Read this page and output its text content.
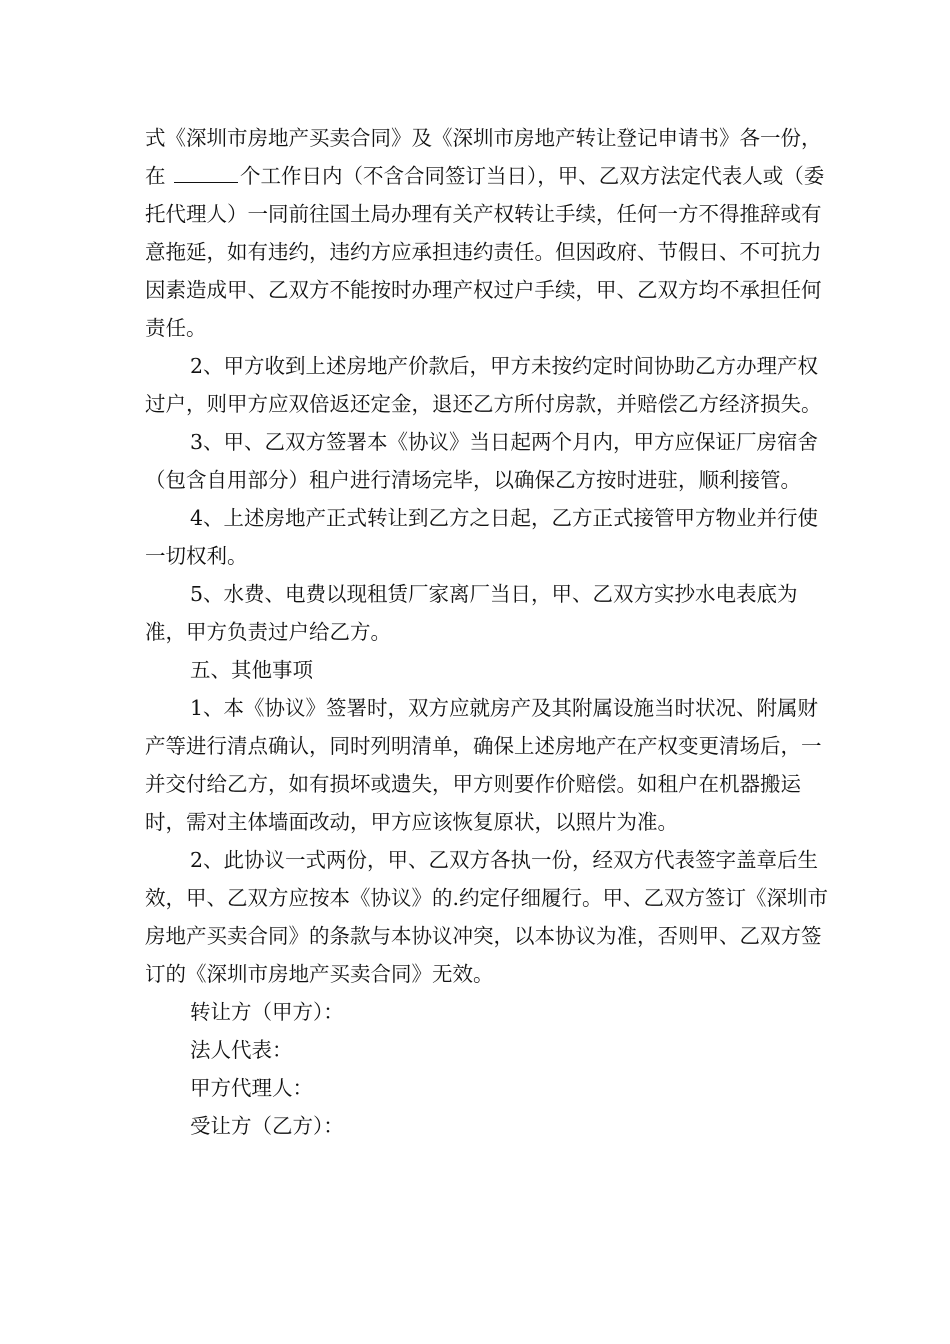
式《深圳市房地产买卖合同》及《深圳市房地产转让登记申请书》各一份，在	个工作日内（不含合同签订当日），甲、乙双方法定代表人或（委托代理人）一同前往国土局办理有关产权转让手续，任何一方不得推辞或有意拖延，如有违约，违约方应承担违约责任。但因政府、节假日、不可抗力因素造成甲、乙双方不能按时办理产权过户手续，甲、乙双方均不承担任何责任。

2、甲方收到上述房地产价款后，甲方未按约定时间协助乙方办理产权过户，则甲方应双倍返还定金，退还乙方所付房款，并赔偿乙方经济损失。

3、甲、乙双方签署本《协议》当日起两个月内，甲方应保证厂房宿舍（包含自用部分）租户进行清场完毕，以确保乙方按时进驻，顺利接管。

4、上述房地产正式转让到乙方之日起，乙方正式接管甲方物业并行使一切权利。

5、水费、电费以现租赁厂家离厂当日，甲、乙双方实抄水电表底为准，甲方负责过户给乙方。

五、其他事项

1、本《协议》签署时，双方应就房产及其附属设施当时状况、附属财产等进行清点确认，同时列明清单，确保上述房地产在产权变更清场后，一并交付给乙方，如有损坏或遗失，甲方则要作价赔偿。如租户在机器搬运时，需对主体墙面改动，甲方应该恢复原状，以照片为准。

2、此协议一式两份，甲、乙双方各执一份，经双方代表签字盖章后生效，甲、乙双方应按本《协议》的.约定仔细履行。甲、乙双方签订《深圳市房地产买卖合同》的条款与本协议冲突，以本协议为准，否则甲、乙双方签订的《深圳市房地产买卖合同》无效。

转让方（甲方）：

法人代表：

甲方代理人：

受让方（乙方）：
